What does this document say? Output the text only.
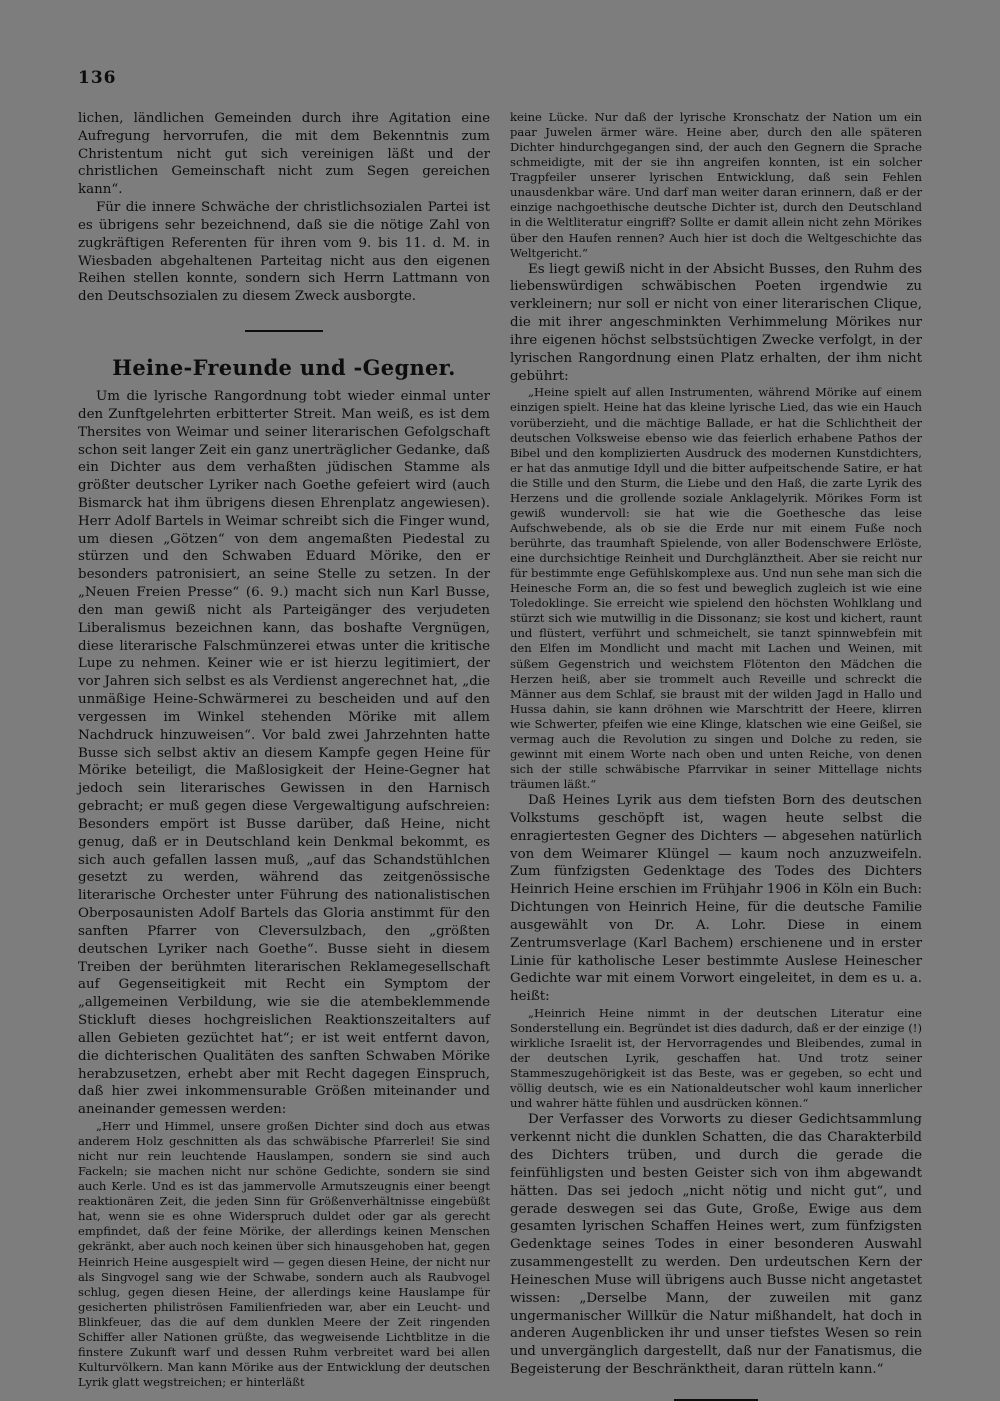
136

lichen, ländlichen Gemeinden durch ihre Agitation eine Aufregung hervorrufen, die mit dem Bekenntnis zum Christentum nicht gut sich vereinigen läßt und der christlichen Gemeinschaft nicht zum Segen gereichen kann“.

Für die innere Schwäche der christlichsozialen Partei ist es übrigens sehr bezeichnend, daß sie die nötige Zahl von zugkräftigen Referenten für ihren vom 9. bis 11. d. M. in Wiesbaden abgehaltenen Parteitag nicht aus den eigenen Reihen stellen konnte, sondern sich Herrn Lattmann von den Deutschsozialen zu diesem Zweck ausborgte.

Heine-Freunde und -Gegner.

Um die lyrische Rangordnung tobt wieder einmal unter den Zunftgelehrten erbitterter Streit. Man weiß, es ist dem Thersites von Weimar und seiner literarischen Gefolgschaft schon seit langer Zeit ein ganz unerträglicher Gedanke, daß ein Dichter aus dem verhaßten jüdischen Stamme als größter deutscher Lyriker nach Goethe gefeiert wird (auch Bismarck hat ihm übrigens diesen Ehrenplatz angewiesen). Herr Adolf Bartels in Weimar schreibt sich die Finger wund, um diesen „Götzen“ von dem angemaßten Piedestal zu stürzen und den Schwaben Eduard Mörike, den er besonders patronisiert, an seine Stelle zu setzen. In der „Neuen Freien Presse“ (6. 9.) macht sich nun Karl Busse, den man gewiß nicht als Parteigänger des verjudeten Liberalismus bezeichnen kann, das boshafte Vergnügen, diese literarische Falschmünzerei etwas unter die kritische Lupe zu nehmen. Keiner wie er ist hierzu legitimiert, der vor Jahren sich selbst es als Verdienst angerechnet hat, „die unmäßige Heine-Schwärmerei zu bescheiden und auf den vergessen im Winkel stehenden Mörike mit allem Nachdruck hinzuweisen“. Vor bald zwei Jahrzehnten hatte Busse sich selbst aktiv an diesem Kampfe gegen Heine für Mörike beteiligt, die Maßlosigkeit der Heine-Gegner hat jedoch sein literarisches Gewissen in den Harnisch gebracht; er muß gegen diese Vergewaltigung aufschreien: Besonders empört ist Busse darüber, daß Heine, nicht genug, daß er in Deutschland kein Denkmal bekommt, es sich auch gefallen lassen muß, „auf das Schandstühlchen gesetzt zu werden, während das zeitgenössische literarische Orchester unter Führung des nationalistischen Oberposaunisten Adolf Bartels das Gloria anstimmt für den sanften Pfarrer von Cleversulzbach, den „größten deutschen Lyriker nach Goethe“. Busse sieht in diesem Treiben der berühmten literarischen Reklamegesellschaft auf Gegenseitigkeit mit Recht ein Symptom der „allgemeinen Verbildung, wie sie die atembeklemmende Stickluft dieses hochgreislichen Reaktionszeitalters auf allen Gebieten gezüchtet hat“; er ist weit entfernt davon, die dichterischen Qualitäten des sanften Schwaben Mörike herabzusetzen, erhebt aber mit Recht dagegen Einspruch, daß hier zwei inkommensurable Größen miteinander und aneinander gemessen werden:

„Herr und Himmel, unsere großen Dichter sind doch aus etwas anderem Holz geschnitten als das schwäbische Pfarrerlei! Sie sind nicht nur rein leuchtende Hauslampen, sondern sie sind auch Fackeln; sie machen nicht nur schöne Gedichte, sondern sie sind auch Kerle. Und es ist das jammervolle Armutszeugnis einer beengt reaktionären Zeit, die jeden Sinn für Größenverhältnisse eingebüßt hat, wenn sie es ohne Widerspruch duldet oder gar als gerecht empfindet, daß der feine Mörike, der allerdings keinen Menschen gekränkt, aber auch noch keinen über sich hinausgehoben hat, gegen Heinrich Heine ausgespielt wird — gegen diesen Heine, der nicht nur als Singvogel sang wie der Schwabe, sondern auch als Raubvogel schlug, gegen diesen Heine, der allerdings keine Hauslampe für gesicherten philiströsen Familienfrieden war, aber ein Leucht- und Blinkfeuer, das die auf dem dunklen Meere der Zeit ringenden Schiffer aller Nationen grüßte, das wegweisende Lichtblitze in die finstere Zukunft warf und dessen Ruhm verbreitet ward bei allen Kulturvölkern. Man kann Mörike aus der Entwicklung der deutschen Lyrik glatt wegstreichen; er hinterläßt

keine Lücke. Nur daß der lyrische Kronschatz der Nation um ein paar Juwelen ärmer wäre. Heine aber, durch den alle späteren Dichter hindurchgegangen sind, der auch den Gegnern die Sprache schmeidigte, mit der sie ihn angreifen konnten, ist ein solcher Tragpfeiler unserer lyrischen Entwicklung, daß sein Fehlen unausdenkbar wäre. Und darf man weiter daran erinnern, daß er der einzige nachgoethische deutsche Dichter ist, durch den Deutschland in die Weltliteratur eingriff? Sollte er damit allein nicht zehn Mörikes über den Haufen rennen? Auch hier ist doch die Weltgeschichte das Weltgericht.“

Es liegt gewiß nicht in der Absicht Busses, den Ruhm des liebenswürdigen schwäbischen Poeten irgendwie zu verkleinern; nur soll er nicht von einer literarischen Clique, die mit ihrer angeschminkten Verhimmelung Mörikes nur ihre eigenen höchst selbstsüchtigen Zwecke verfolgt, in der lyrischen Rangordnung einen Platz erhalten, der ihm nicht gebührt:

„Heine spielt auf allen Instrumenten, während Mörike auf einem einzigen spielt. Heine hat das kleine lyrische Lied, das wie ein Hauch vorüberzieht, und die mächtige Ballade, er hat die Schlichtheit der deutschen Volksweise ebenso wie das feierlich erhabene Pathos der Bibel und den komplizierten Ausdruck des modernen Kunstdichters, er hat das anmutige Idyll und die bitter aufpeitschende Satire, er hat die Stille und den Sturm, die Liebe und den Haß, die zarte Lyrik des Herzens und die grollende soziale Anklagelyrik. Mörikes Form ist gewiß wundervoll: sie hat wie die Goethesche das leise Aufschwebende, als ob sie die Erde nur mit einem Fuße noch berührte, das traumhaft Spielende, von aller Bodenschwere Erlöste, eine durchsichtige Reinheit und Durchglänztheit. Aber sie reicht nur für bestimmte enge Gefühlskomplexe aus. Und nun sehe man sich die Heinesche Form an, die so fest und beweglich zugleich ist wie eine Toledoklinge. Sie erreicht wie spielend den höchsten Wohlklang und stürzt sich wie mutwillig in die Dissonanz; sie kost und kichert, raunt und flüstert, verführt und schmeichelt, sie tanzt spinnwebfein mit den Elfen im Mondlicht und macht mit Lachen und Weinen, mit süßem Gegenstrich und weichstem Flötenton den Mädchen die Herzen heiß, aber sie trommelt auch Reveille und schreckt die Männer aus dem Schlaf, sie braust mit der wilden Jagd in Hallo und Hussa dahin, sie kann dröhnen wie Marschtritt der Heere, klirren wie Schwerter, pfeifen wie eine Klinge, klatschen wie eine Geißel, sie vermag auch die Revolution zu singen und Dolche zu reden, sie gewinnt mit einem Worte nach oben und unten Reiche, von denen sich der stille schwäbische Pfarrvikar in seiner Mittellage nichts träumen läßt.“

Daß Heines Lyrik aus dem tiefsten Born des deutschen Volkstums geschöpft ist, wagen heute selbst die enragiertesten Gegner des Dichters — abgesehen natürlich von dem Weimarer Klüngel — kaum noch anzuzweifeln. Zum fünfzigsten Gedenktage des Todes des Dichters Heinrich Heine erschien im Frühjahr 1906 in Köln ein Buch: Dichtungen von Heinrich Heine, für die deutsche Familie ausgewählt von Dr. A. Lohr. Diese in einem Zentrumsverlage (Karl Bachem) erschienene und in erster Linie für katholische Leser bestimmte Auslese Heinescher Gedichte war mit einem Vorwort eingeleitet, in dem es u. a. heißt:

„Heinrich Heine nimmt in der deutschen Literatur eine Sonderstellung ein. Begründet ist dies dadurch, daß er der einzige (!) wirkliche Israelit ist, der Hervorragendes und Bleibendes, zumal in der deutschen Lyrik, geschaffen hat. Und trotz seiner Stammeszugehörigkeit ist das Beste, was er gegeben, so echt und völlig deutsch, wie es ein Nationaldeutscher wohl kaum innerlicher und wahrer hätte fühlen und ausdrücken können.“

Der Verfasser des Vorworts zu dieser Gedichtsammlung verkennt nicht die dunklen Schatten, die das Charakterbild des Dichters trüben, und durch die gerade die feinfühligsten und besten Geister sich von ihm abgewandt hätten. Das sei jedoch „nicht nötig und nicht gut“, und gerade deswegen sei das Gute, Große, Ewige aus dem gesamten lyrischen Schaffen Heines wert, zum fünfzigsten Gedenktage seines Todes in einer besonderen Auswahl zusammengestellt zu werden. Den urdeutschen Kern der Heineschen Muse will übrigens auch Busse nicht angetastet wissen: „Derselbe Mann, der zuweilen mit ganz ungermanischer Willkür die Natur mißhandelt, hat doch in anderen Augenblicken ihr und unser tiefstes Wesen so rein und unvergänglich dargestellt, daß nur der Fanatismus, die Begeisterung der Beschränktheit, daran rütteln kann.“
